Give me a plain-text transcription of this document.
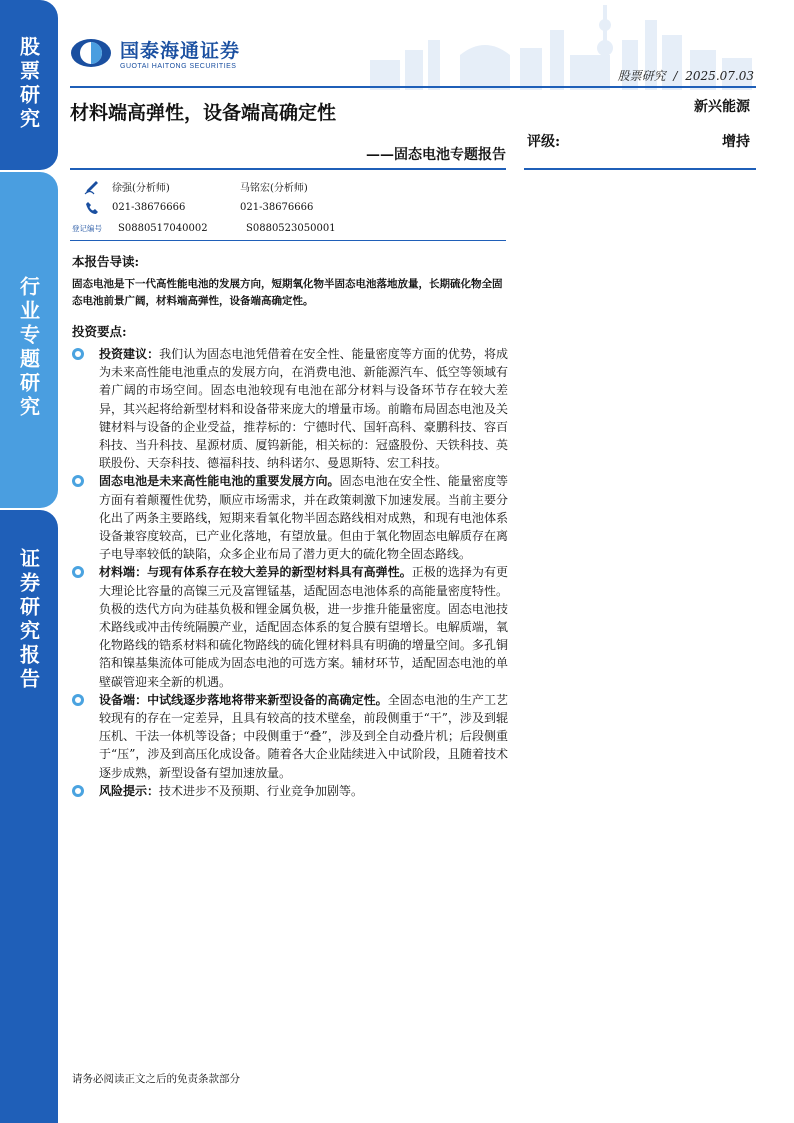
股票研究
行业专题研究
证券研究报告
国泰海通证券
GUOTAI HAITONG SECURITIES
股票研究 / 2025.07.03
材料端高弹性，设备端高确定性	新兴能源
——固态电池专题报告
评级:	增持
徐强(分析师)	马铭宏(分析师)
021-38676666	021-38676666
登记编号	S0880517040002	S0880523050001
本报告导读:
固态电池是下一代高性能电池的发展方向，短期氧化物半固态电池落地放量，长期硫化物全固态电池前景广阔，材料端高弹性，设备端高确定性。
投资要点:
投资建议：我们认为固态电池凭借着在安全性、能量密度等方面的优势，将成为未来高性能电池重点的发展方向，在消费电池、新能源汽车、低空等领域有着广阔的市场空间。固态电池较现有电池在部分材料与设备环节存在较大差异，其兴起将给新型材料和设备带来庞大的增量市场。前瞻布局固态电池及关键材料与设备的企业受益，推荐标的：宁德时代、国轩高科、豪鹏科技、容百科技、当升科技、星源材质、厦钨新能，相关标的：冠盛股份、天铁科技、英联股份、天奈科技、德福科技、纳科诺尔、曼恩斯特、宏工科技。
固态电池是未来高性能电池的重要发展方向。固态电池在安全性、能量密度等方面有着颠覆性优势，顺应市场需求，并在政策刺激下加速发展。当前主要分化出了两条主要路线，短期来看氧化物半固态路线相对成熟，和现有电池体系设备兼容度较高，已产业化落地，有望放量。但由于氧化物固态电解质存在离子电导率较低的缺陷，众多企业布局了潜力更大的硫化物全固态路线。
材料端：与现有体系存在较大差异的新型材料具有高弹性。正极的选择为有更大理论比容量的高镍三元及富锂锰基，适配固态电池体系的高能量密度特性。负极的迭代方向为硅基负极和锂金属负极，进一步推升能量密度。固态电池技术路线或冲击传统隔膜产业，适配固态体系的复合膜有望增长。电解质端，氧化物路线的锆系材料和硫化物路线的硫化锂材料具有明确的增量空间。多孔铜箔和镍基集流体可能成为固态电池的可选方案。辅材环节，适配固态电池的单壁碳管迎来全新的机遇。
设备端：中试线逐步落地将带来新型设备的高确定性。全固态电池的生产工艺较现有的存在一定差异，且具有较高的技术壁垒，前段侧重于“干”，涉及到辊压机、干法一体机等设备；中段侧重于“叠”，涉及到全自动叠片机；后段侧重于“压”，涉及到高压化成设备。随着各大企业陆续进入中试阶段，且随着技术逐步成熟，新型设备有望加速放量。
风险提示：技术进步不及预期、行业竞争加剧等。
请务必阅读正文之后的免责条款部分
